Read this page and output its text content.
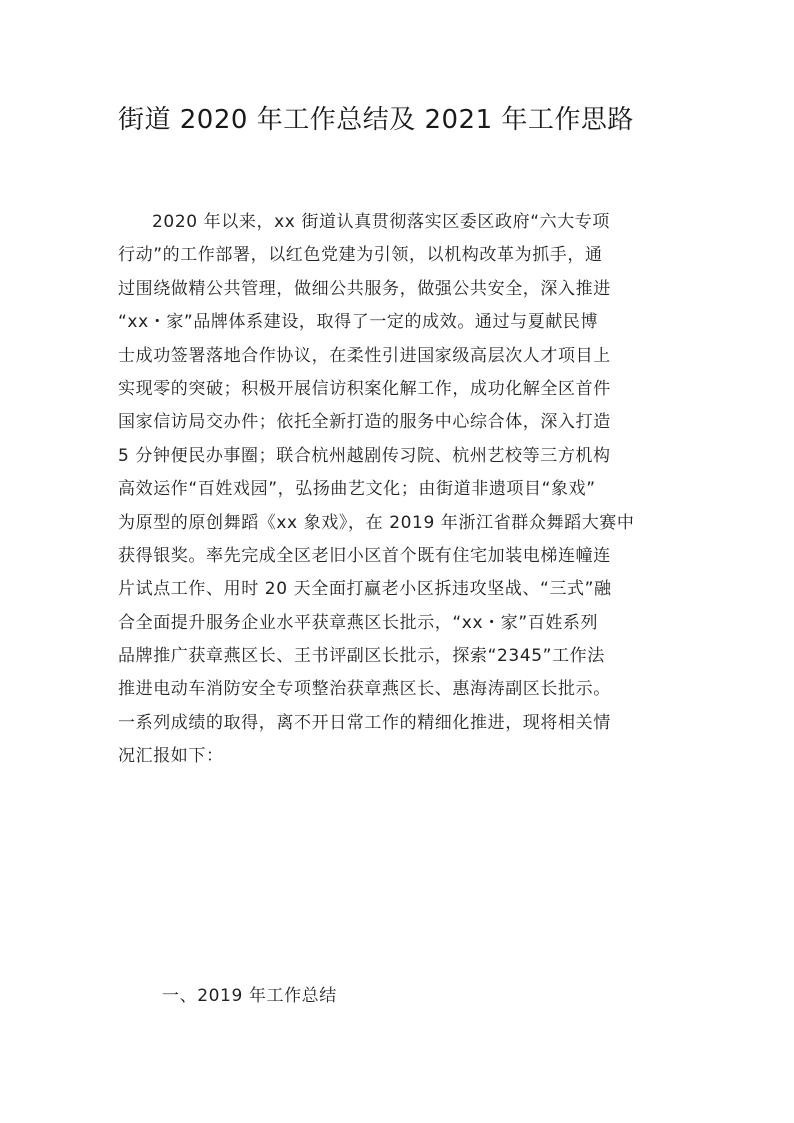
街道 2020 年工作总结及 2021 年工作思路
2020 年以来，xx 街道认真贯彻落实区委区政府“六大专项
行动”的工作部署，以红色党建为引领，以机构改革为抓手，通
过围绕做精公共管理，做细公共服务，做强公共安全，深入推进
“xx・家”品牌体系建设，取得了一定的成效。通过与夏献民博
士成功签署落地合作协议，在柔性引进国家级高层次人才项目上
实现零的突破；积极开展信访积案化解工作，成功化解全区首件
国家信访局交办件；依托全新打造的服务中心综合体，深入打造
5 分钟便民办事圈；联合杭州越剧传习院、杭州艺校等三方机构
高效运作“百姓戏园”，弘扬曲艺文化；由街道非遗项目“象戏”
为原型的原创舞蹈《xx 象戏》，在 2019 年浙江省群众舞蹈大赛中
获得银奖。率先完成全区老旧小区首个既有住宅加装电梯连幢连
片试点工作、用时 20 天全面打赢老小区拆违攻坚战、“三式”融
合全面提升服务企业水平获章燕区长批示，“xx・家”百姓系列
品牌推广获章燕区长、王书评副区长批示，探索“2345”工作法
推进电动车消防安全专项整治获章燕区长、惠海涛副区长批示。
一系列成绩的取得，离不开日常工作的精细化推进，现将相关情
况汇报如下：
一、2019 年工作总结
